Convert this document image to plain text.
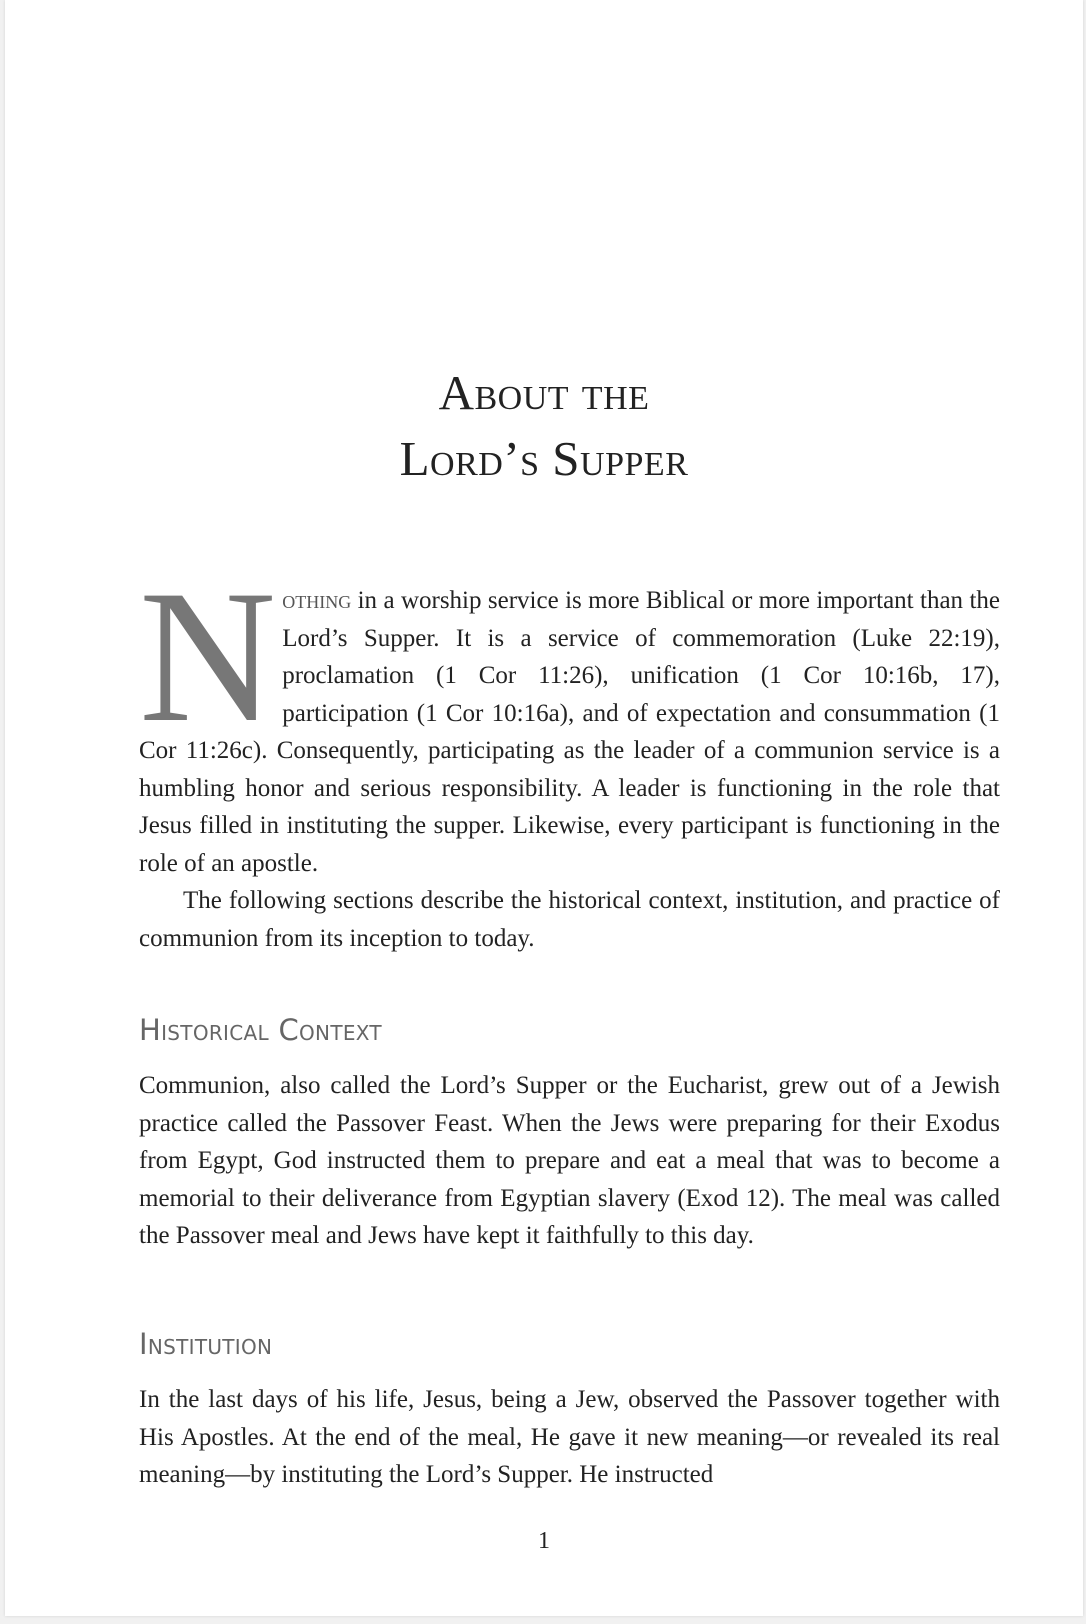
About the
Lord’s Supper

Nothing in a worship service is more Biblical or more important than the Lord’s Supper. It is a service of commemoration (Luke 22:19), proclamation (1 Cor 11:26), unification (1 Cor 10:16b, 17), participation (1 Cor 10:16a), and of expectation and consummation (1 Cor 11:26c). Consequently, participating as the leader of a communion service is a humbling honor and serious responsibility. A leader is functioning in the role that Jesus filled in instituting the supper. Likewise, every participant is functioning in the role of an apostle.

The following sections describe the historical context, institution, and practice of communion from its inception to today.

Historical Context

Communion, also called the Lord’s Supper or the Eucharist, grew out of a Jewish practice called the Passover Feast. When the Jews were preparing for their Exodus from Egypt, God instructed them to prepare and eat a meal that was to become a memorial to their deliverance from Egyptian slavery (Exod 12). The meal was called the Passover meal and Jews have kept it faithfully to this day.

Institution

In the last days of his life, Jesus, being a Jew, observed the Passover together with His Apostles. At the end of the meal, He gave it new meaning—or revealed its real meaning—by instituting the Lord’s Supper. He instructed

1
